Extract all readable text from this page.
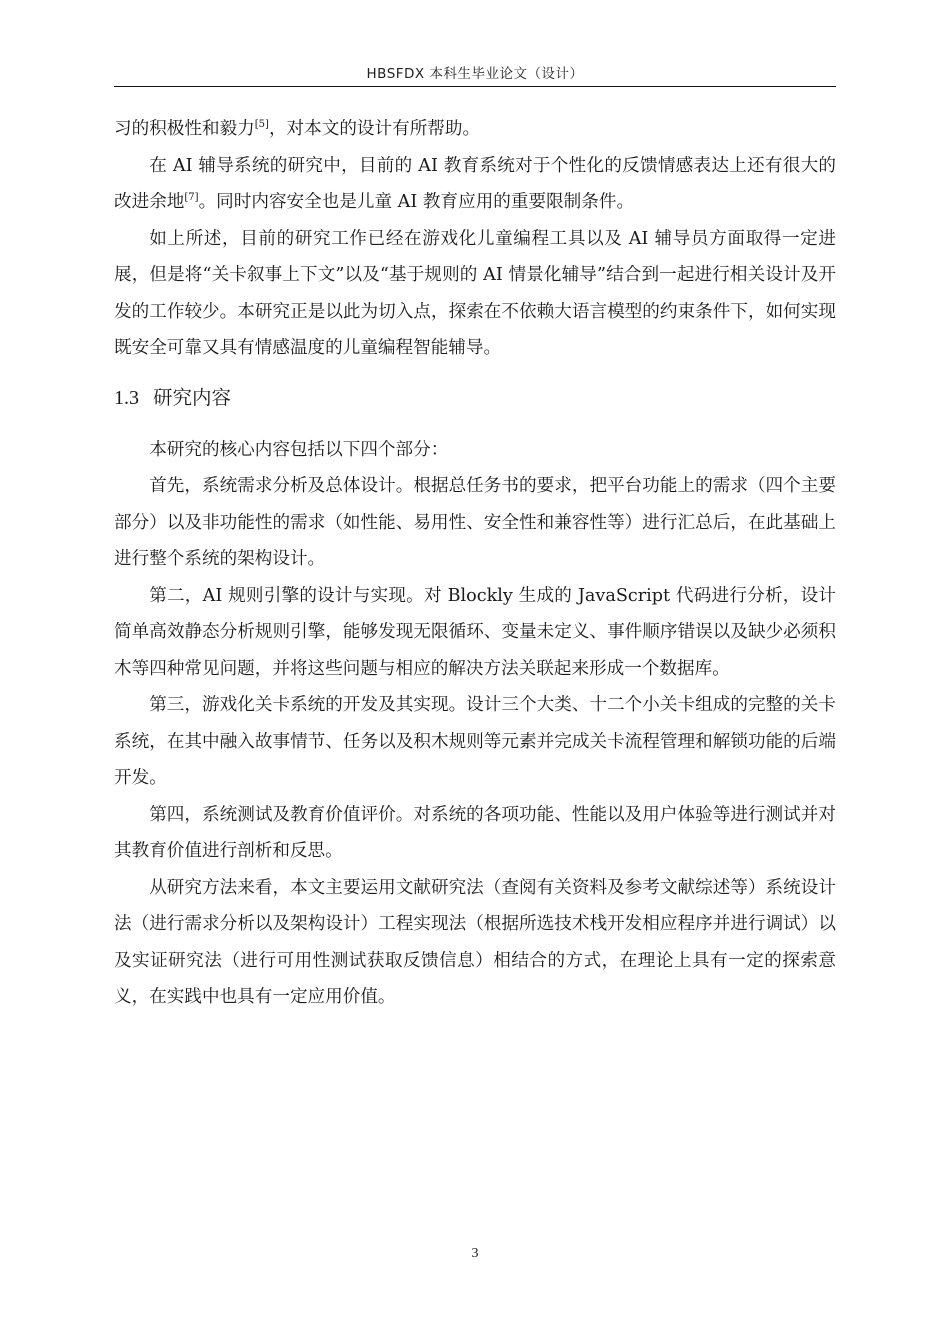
HBSFDX 本科生毕业论文（设计）

习的积极性和毅力[5]，对本文的设计有所帮助。

在 AI 辅导系统的研究中，目前的 AI 教育系统对于个性化的反馈情感表达上还有很大的改进余地[7]。同时内容安全也是儿童 AI 教育应用的重要限制条件。

如上所述，目前的研究工作已经在游戏化儿童编程工具以及 AI 辅导员方面取得一定进展，但是将“关卡叙事上下文”以及“基于规则的 AI 情景化辅导”结合到一起进行相关设计及开发的工作较少。本研究正是以此为切入点，探索在不依赖大语言模型的约束条件下，如何实现既安全可靠又具有情感温度的儿童编程智能辅导。

1.3 研究内容

本研究的核心内容包括以下四个部分：

首先，系统需求分析及总体设计。根据总任务书的要求，把平台功能上的需求（四个主要部分）以及非功能性的需求（如性能、易用性、安全性和兼容性等）进行汇总后，在此基础上进行整个系统的架构设计。

第二，AI 规则引擎的设计与实现。对 Blockly 生成的 JavaScript 代码进行分析，设计简单高效静态分析规则引擎，能够发现无限循环、变量未定义、事件顺序错误以及缺少必须积木等四种常见问题，并将这些问题与相应的解决方法关联起来形成一个数据库。

第三，游戏化关卡系统的开发及其实现。设计三个大类、十二个小关卡组成的完整的关卡系统，在其中融入故事情节、任务以及积木规则等元素并完成关卡流程管理和解锁功能的后端开发。

第四，系统测试及教育价值评价。对系统的各项功能、性能以及用户体验等进行测试并对其教育价值进行剖析和反思。

从研究方法来看，本文主要运用文献研究法（查阅有关资料及参考文献综述等）系统设计法（进行需求分析以及架构设计）工程实现法（根据所选技术栈开发相应程序并进行调试）以及实证研究法（进行可用性测试获取反馈信息）相结合的方式，在理论上具有一定的探索意义，在实践中也具有一定应用价值。

3
